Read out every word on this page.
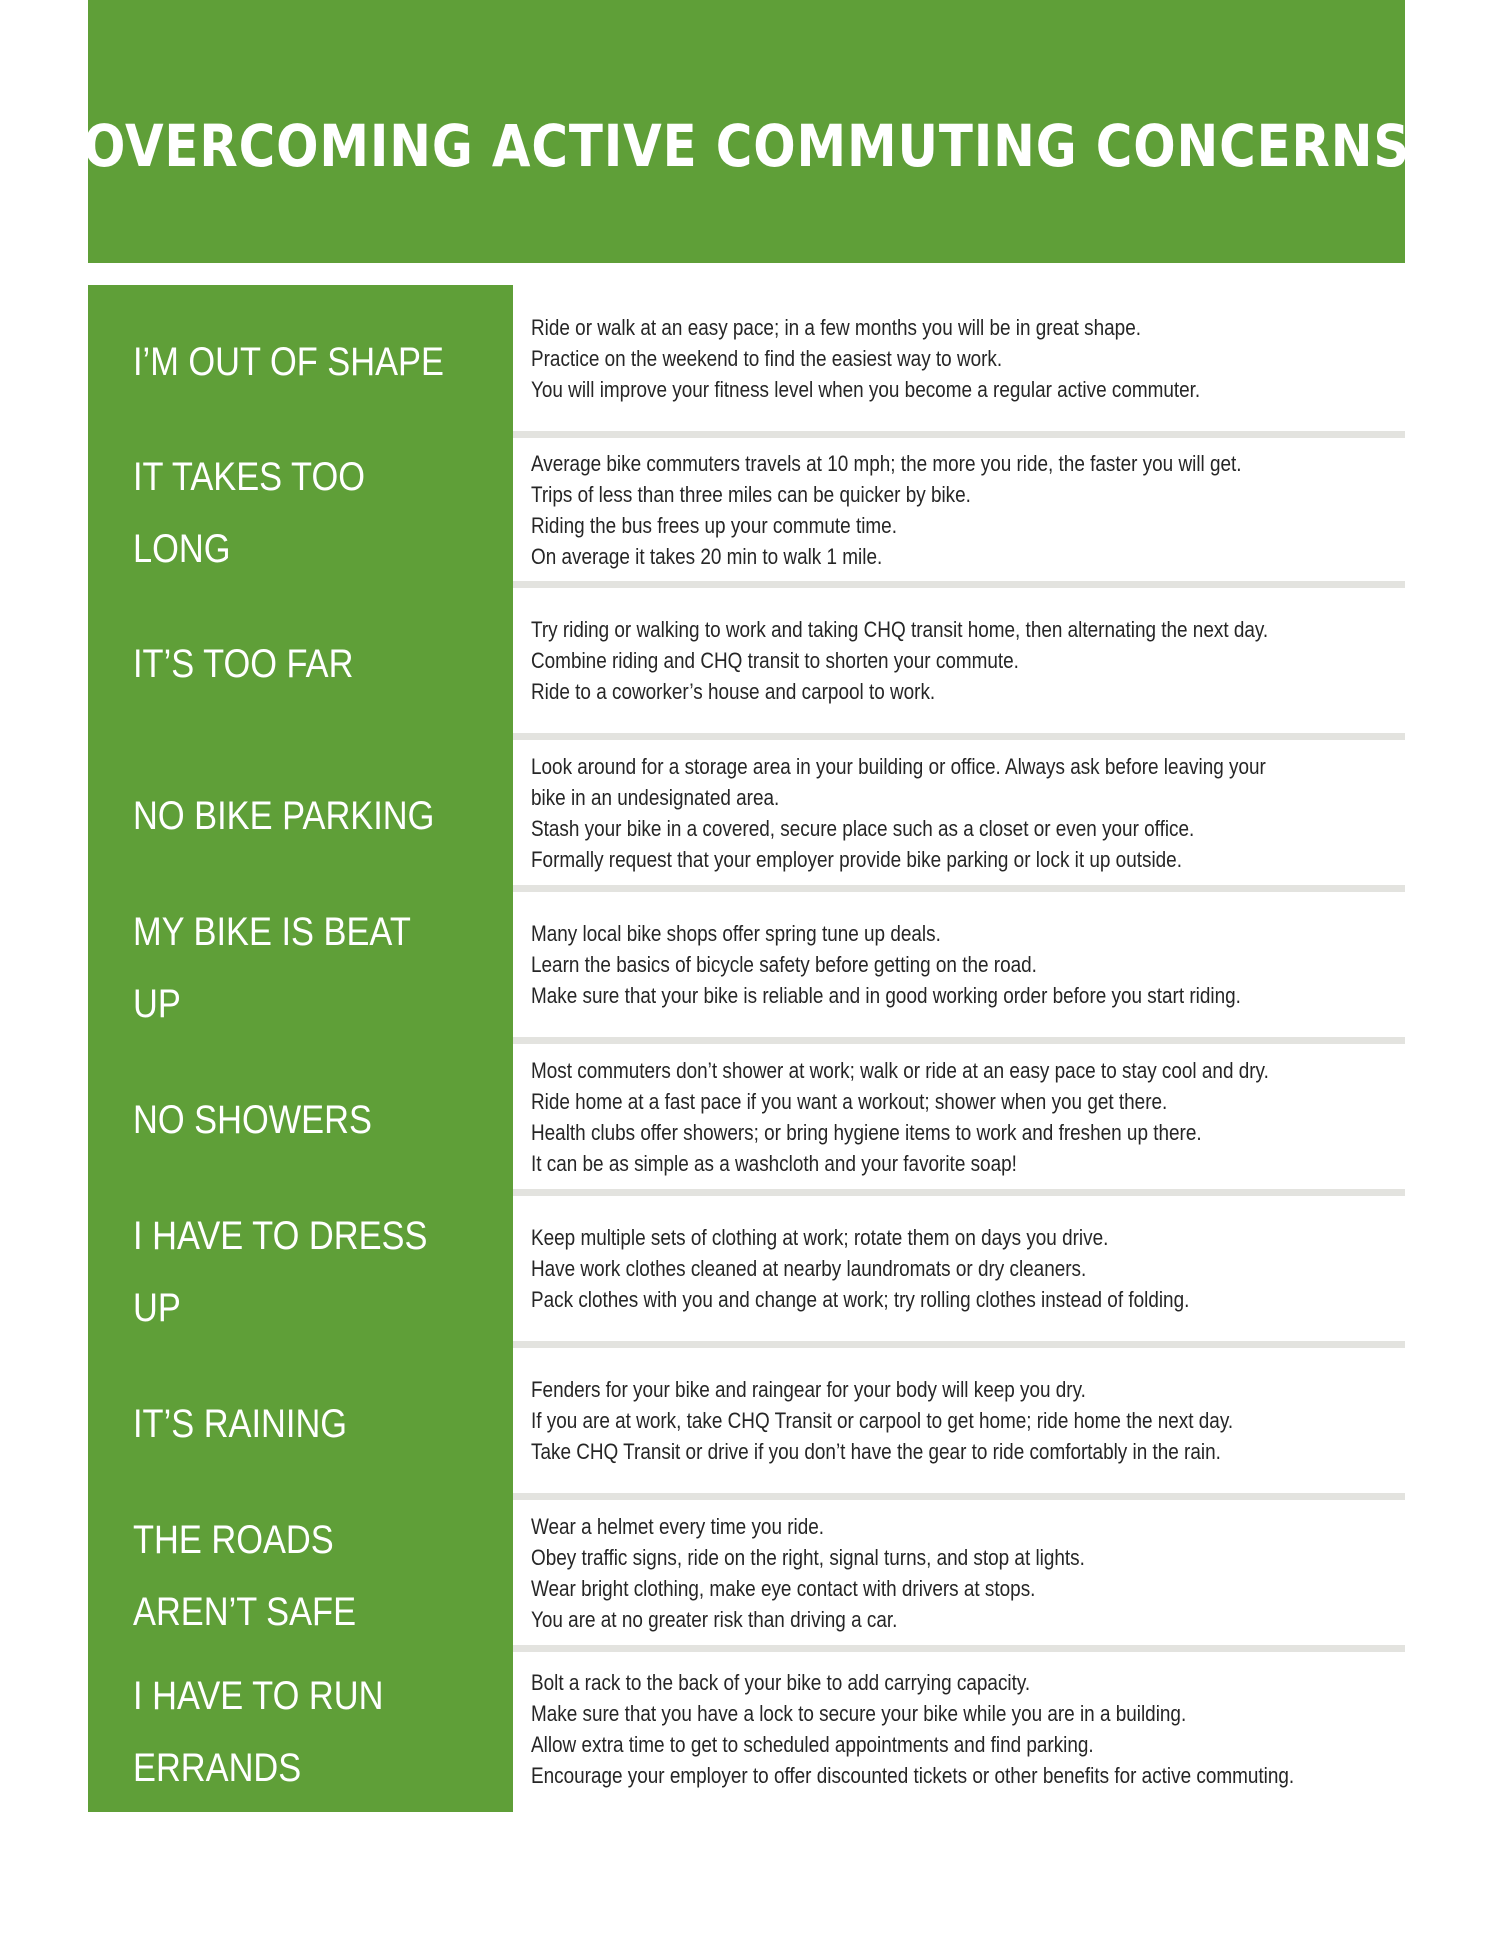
OVERCOMING ACTIVE COMMUTING CONCERNS
I’M OUT OF SHAPE
Ride or walk at an easy pace; in a few months you will be in great shape.
Practice on the weekend to find the easiest way to work.
You will improve your fitness level when you become a regular active commuter.
IT TAKES TOO LONG
Average bike commuters travels at 10 mph; the more you ride, the faster you will get.
Trips of less than three miles can be quicker by bike.
Riding the bus frees up your commute time.
On average it takes 20 min to walk 1 mile.
IT’S TOO FAR
Try riding or walking to work and taking CHQ transit home, then alternating the next day.
Combine riding and CHQ transit to shorten your commute.
Ride to a coworker’s house and carpool to work.
NO BIKE PARKING
Look around for a storage area in your building or office. Always ask before leaving your
bike in an undesignated area.
Stash your bike in a covered, secure place such as a closet or even your office.
Formally request that your employer provide bike parking or lock it up outside.
MY BIKE IS BEAT UP
Many local bike shops offer spring tune up deals.
Learn the basics of bicycle safety before getting on the road.
Make sure that your bike is reliable and in good working order before you start riding.
NO SHOWERS
Most commuters don’t shower at work; walk or ride at an easy pace to stay cool and dry.
Ride home at a fast pace if you want a workout; shower when you get there.
Health clubs offer showers; or bring hygiene items to work and freshen up there.
It can be as simple as a washcloth and your favorite soap!
I HAVE TO DRESS UP
Keep multiple sets of clothing at work; rotate them on days you drive.
Have work clothes cleaned at nearby laundromats or dry cleaners.
Pack clothes with you and change at work; try rolling clothes instead of folding.
IT’S RAINING
Fenders for your bike and raingear for your body will keep you dry.
If you are at work, take CHQ Transit or carpool to get home; ride home the next day.
Take CHQ Transit or drive if you don’t have the gear to ride comfortably in the rain.
THE ROADS AREN’T SAFE
Wear a helmet every time you ride.
Obey traffic signs, ride on the right, signal turns, and stop at lights.
Wear bright clothing, make eye contact with drivers at stops.
You are at no greater risk than driving a car.
I HAVE TO RUN ERRANDS
Bolt a rack to the back of your bike to add carrying capacity.
Make sure that you have a lock to secure your bike while you are in a building.
Allow extra time to get to scheduled appointments and find parking.
Encourage your employer to offer discounted tickets or other benefits for active commuting.
